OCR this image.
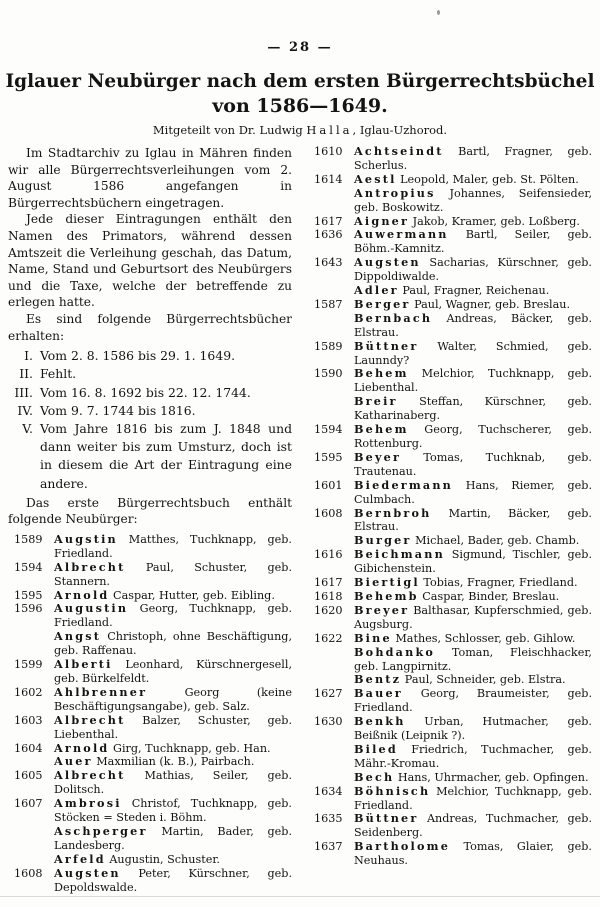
— 28 —
Iglauer Neubürger nach dem ersten Bürgerrechtsbüchel
von 1586—1649.
Mitgeteilt von Dr. Ludwig Halla, Iglau-Uzhorod.

Im Stadtarchiv zu Iglau in Mähren finden wir alle Bürgerrechtsverleihungen vom 2. August 1586 angefangen in Bürgerrechtsbüchern eingetragen.

Jede dieser Eintragungen enthält den Namen des Primators, während dessen Amtszeit die Verleihung geschah, das Datum, Name, Stand und Geburtsort des Neubürgers und die Taxe, welche der betreffende zu erlegen hatte.

Es sind folgende Bürgerrechtsbücher erhalten:

I. Vom 2. 8. 1586 bis 29. 1. 1649.
II. Fehlt.
III. Vom 16. 8. 1692 bis 22. 12. 1744.
IV. Vom 9. 7. 1744 bis 1816.
V. Vom Jahre 1816 bis zum J. 1848 und dann weiter bis zum Umsturz, doch ist in diesem die Art der Eintragung eine andere.

Das erste Bürgerrechtsbuch enthält folgende Neubürger:

1589	Augstin Matthes, Tuchknapp, geb. Friedland.
1594	Albrecht Paul, Schuster, geb. Stannern.
1595	Arnold Caspar, Hutter, geb. Eibling.
1596	Augustin Georg, Tuchknapp, geb. Friedland.
Angst Christoph, ohne Beschäftigung, geb. Raffenau.
1599	Alberti Leonhard, Kürschnergesell, geb. Bürkelfeldt.
1602	Ahlbrenner Georg (keine Beschäftigungsangabe), geb. Salz.
1603	Albrecht Balzer, Schuster, geb. Liebenthal.
1604	Arnold Girg, Tuchknapp, geb. Han.
Auer Maxmilian (k. B.), Pairbach.
1605	Albrecht Mathias, Seiler, geb. Dolitsch.
1607	Ambrosi Christof, Tuchknapp, geb. Stöcken = Steden i. Böhm.
Aschperger Martin, Bader, geb. Landesberg.
Arfeld Augustin, Schuster.
1608	Augsten Peter, Kürschner, geb. Depoldswalde.
1610	Achtseindt Bartl, Fragner, geb. Scherlus.
1614	Aestl Leopold, Maler, geb. St. Pölten.
Antropius Johannes, Seifensieder, geb. Boskowitz.
1617	Aigner Jakob, Kramer, geb. Loßberg.
1636	Auwermann Bartl, Seiler, geb. Böhm.-Kamnitz.
1643	Augsten Sacharias, Kürschner, geb. Dippoldiwalde.
Adler Paul, Fragner, Reichenau.
1587	Berger Paul, Wagner, geb. Breslau.
Bernbach Andreas, Bäcker, geb. Elstrau.
1589	Büttner Walter, Schmied, geb. Launndy?
1590	Behem Melchior, Tuchknapp, geb. Liebenthal.
Breir Steffan, Kürschner, geb. Katharinaberg.
1594	Behem Georg, Tuchscherer, geb. Rottenburg.
1595	Beyer Tomas, Tuchknab, geb. Trautenau.
1601	Biedermann Hans, Riemer, geb. Culmbach.
1608	Bernbroh Martin, Bäcker, geb. Elstrau.
Burger Michael, Bader, geb. Chamb.
1616	Beichmann Sigmund, Tischler, geb. Gibichenstein.
1617	Biertigl Tobias, Fragner, Friedland.
1618	Behemb Caspar, Binder, Breslau.
1620	Breyer Balthasar, Kupferschmied, geb. Augsburg.
1622	Bine Mathes, Schlosser, geb. Gihlow.
Bohdanko Toman, Fleischhacker, geb. Langpirnitz.
Bentz Paul, Schneider, geb. Elstra.
1627	Bauer Georg, Braumeister, geb. Friedland.
1630	Benkh Urban, Hutmacher, geb. Beißnik (Leipnik ?).
Biled Friedrich, Tuchmacher, geb. Mähr.-Kromau.
Bech Hans, Uhrmacher, geb. Opfingen.
1634	Böhnisch Melchior, Tuchknapp, geb. Friedland.
1635	Büttner Andreas, Tuchmacher, geb. Seidenberg.
1637	Bartholome Tomas, Glaier, geb. Neuhaus.
